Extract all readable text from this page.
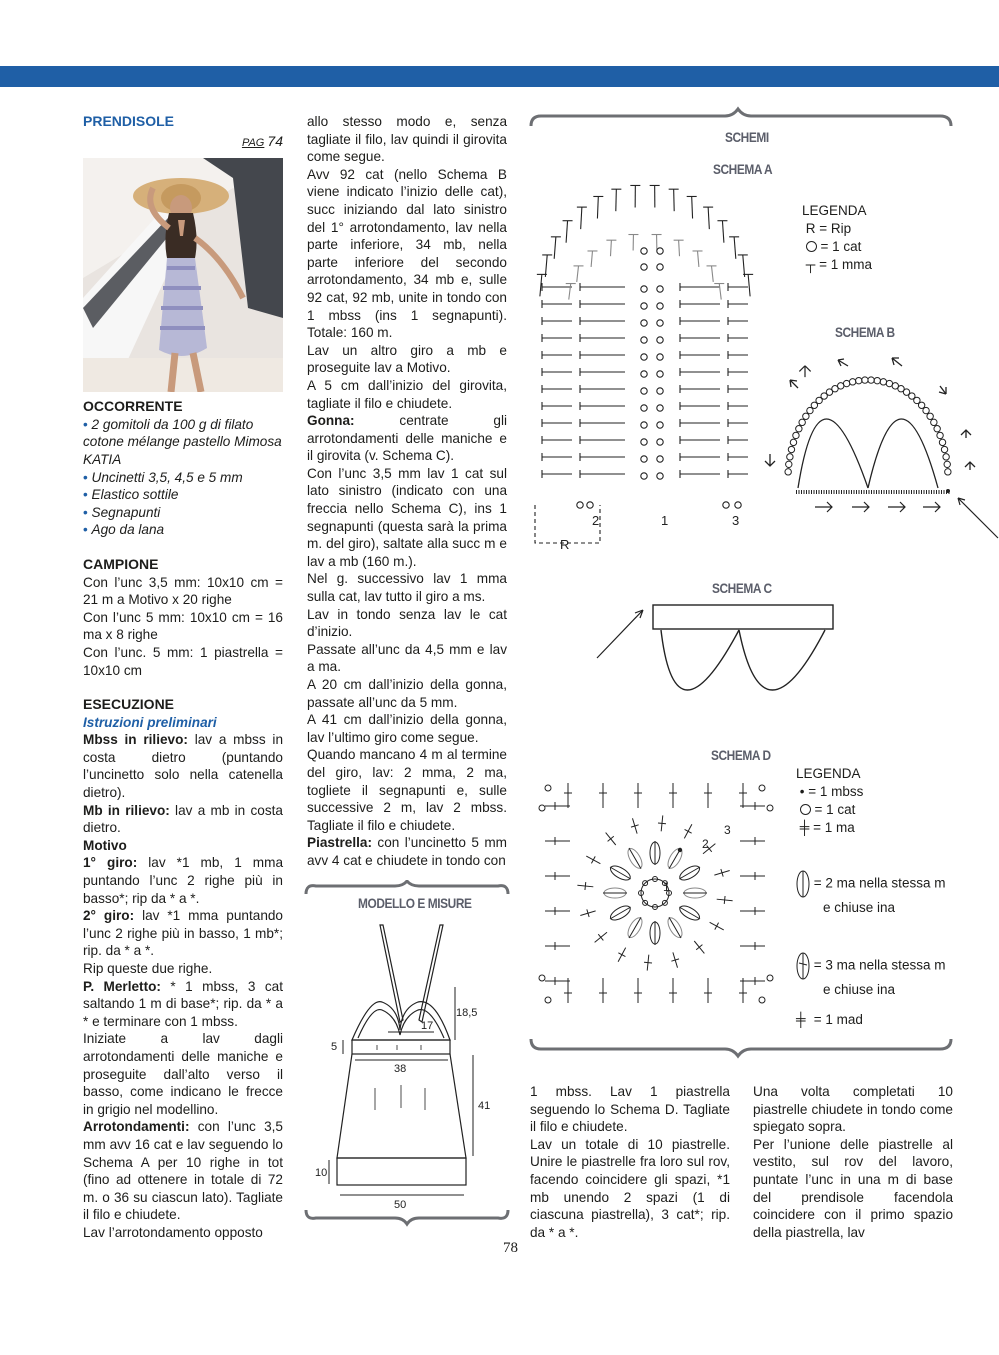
PRENDISOLE
PAG 74
OCCORRENTE
• 2 gomitoli da 100 g di filato cotone mélange pastello Mimosa KATIA
• Uncinetti 3,5, 4,5 e 5 mm
• Elastico sottile
• Segnapunti
• Ago da lana
CAMPIONE

Con l’unc 3,5 mm: 10x10 cm = 21 m a Motivo x 20 righe

Con l’unc 5 mm: 10x10 cm = 16 ma x 8 righe

Con l’unc. 5 mm: 1 piastrella = 10x10 cm

ESECUZIONE
Istruzioni preliminari

Mbss in rilievo: lav a mbss in costa dietro (puntando l’uncinetto solo nella catenella dietro).

Mb in rilievo: lav a mb in costa dietro.

Motivo

1° giro: lav *1 mb, 1 mma puntando l’unc 2 righe più in basso*; rip da * a *.

2° giro: lav *1 mma puntando l’unc 2 righe più in basso, 1 mb*; rip. da * a *.

Rip queste due righe.

P. Merletto: * 1 mbss, 3 cat saltando 1 m di base*; rip. da * a * e terminare con 1 mbss.

Iniziate a lav dagli arrotondamenti delle maniche e proseguite dall’alto verso il basso, come indicano le frecce in grigio nel modellino.

Arrotondamenti: con l’unc 3,5 mm avv 16 cat e lav seguendo lo Schema A per 10 righe in tot (fino ad ottenere in totale di 72 m. o 36 su ciascun lato). Tagliate il filo e chiudete.

Lav l’arrotondamento opposto

allo stesso modo e, senza tagliate il filo, lav quindi il girovita come segue.

Avv 92 cat (nello Schema B viene indicato l’inizio delle cat), succ iniziando dal lato sinistro del 1° arrotondamento, lav nella parte inferiore, 34 mb, nella parte inferiore del secondo arrotondamento, 34 mb e, sulle 92 cat, 92 mb, unite in tondo con 1 mbss (ins 1 segnapunti). Totale: 160 m.

Lav un altro giro a mb e proseguite lav a Motivo.

A 5 cm dall’inizio del girovita, tagliate il filo e chiudete.

Gonna: centrate gli arrotondamenti delle maniche e il girovita (v. Schema C).

Con l’unc 3,5 mm lav 1 cat sul lato sinistro (indicato con una freccia nello Schema C), ins 1 segnapunti (questa sarà la prima m. del giro), saltate alla succ m e lav a mb (160 m.).

Nel g. successivo lav 1 mma sulla cat, lav tutto il giro a ms.

Lav in tondo senza lav le cat d’inizio.

Passate all’unc da 4,5 mm e lav a ma.

A 20 cm dall’inizio della gonna, passate all’unc da 5 mm.

A 41 cm dall’inizio della gonna, lav l’ultimo giro come segue.

Quando mancano 4 m al termine del giro, lav: 2 mma, 2 ma, togliete il segnapunti e, sulle successive 2 m, lav 2 mbss. Tagliate il filo e chiudete.

Piastrella: con l’uncinetto 5 mm avv 4 cat e chiudete in tondo con

18,5
17
5
38
41
10
50
MODELLO E MISURE
SCHEMI
SCHEMA A
1
2	3
R
LEGENDA
R = Rip
= 1 cat
┬ = 1 mma
SCHEMA B
SCHEMA C
SCHEMA D
1
2
3
LEGENDA
• = 1 mbss
= 1 cat
╪ = 1 ma
= 2 ma nella stessa m
e chiuse ina
= 3 ma nella stessa m
e chiuse ina
╪ = 1 mad

1 mbss. Lav 1 piastrella seguendo lo Schema D. Tagliate il filo e chiudete.

Lav un totale di 10 piastrelle. Unire le piastrelle fra loro sul rov, facendo coincidere gli spazi, *1 mb unendo 2 spazi (1 di ciascuna piastrella), 3 cat*; rip. da * a *.

Una volta completati 10 piastrelle chiudete in tondo come spiegato sopra.

Per l’unione delle piastrelle al vestito, sul rov del lavoro, puntate l’unc in una m di base del prendisole facendola coincidere con il primo spazio della piastrella, lav

78
